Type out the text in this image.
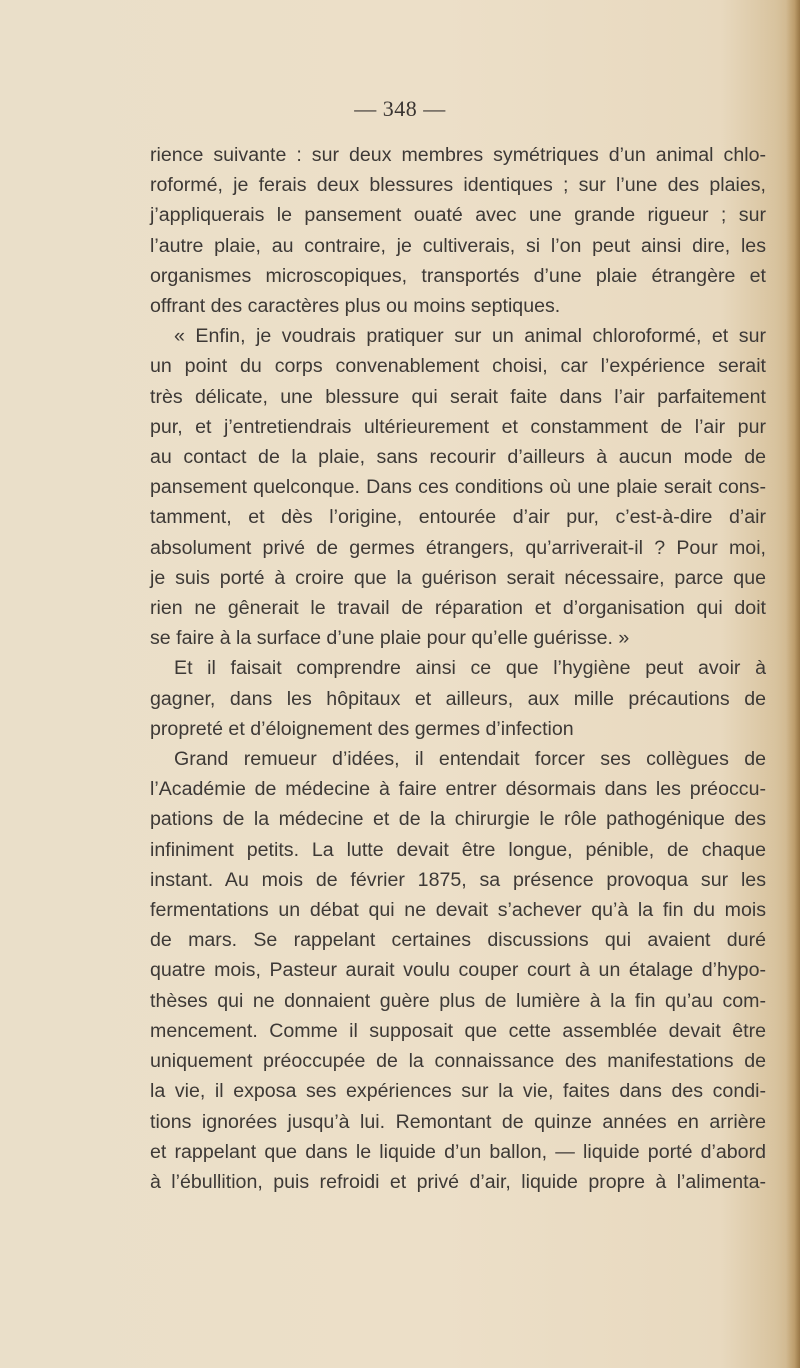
— 348 —
rience suivante : sur deux membres symétriques d’un animal chlo-
roformé, je ferais deux blessures identiques ; sur l’une des plaies,
j’appliquerais le pansement ouaté avec une grande rigueur ; sur
l’autre plaie, au contraire, je cultiverais, si l’on peut ainsi dire, les
organismes microscopiques, transportés d’une plaie étrangère et
offrant des caractères plus ou moins septiques.
« Enfin, je voudrais pratiquer sur un animal chloroformé, et sur
un point du corps convenablement choisi, car l’expérience serait
très délicate, une blessure qui serait faite dans l’air parfaitement
pur, et j’entretiendrais ultérieurement et constamment de l’air pur
au contact de la plaie, sans recourir d’ailleurs à aucun mode de
pansement quelconque. Dans ces conditions où une plaie serait cons-
tamment, et dès l’origine, entourée d’air pur, c’est-à-dire d’air
absolument privé de germes étrangers, qu’arriverait-il ? Pour moi,
je suis porté à croire que la guérison serait nécessaire, parce que
rien ne gênerait le travail de réparation et d’organisation qui doit
se faire à la surface d’une plaie pour qu’elle guérisse. »
Et il faisait comprendre ainsi ce que l’hygiène peut avoir à
gagner, dans les hôpitaux et ailleurs, aux mille précautions de
propreté et d’éloignement des germes d’infection
Grand remueur d’idées, il entendait forcer ses collègues de
l’Académie de médecine à faire entrer désormais dans les préoccu-
pations de la médecine et de la chirurgie le rôle pathogénique des
infiniment petits. La lutte devait être longue, pénible, de chaque
instant. Au mois de février 1875, sa présence provoqua sur les
fermentations un débat qui ne devait s’achever qu’à la fin du mois
de mars. Se rappelant certaines discussions qui avaient duré
quatre mois, Pasteur aurait voulu couper court à un étalage d’hypo-
thèses qui ne donnaient guère plus de lumière à la fin qu’au com-
mencement. Comme il supposait que cette assemblée devait être
uniquement préoccupée de la connaissance des manifestations de
la vie, il exposa ses expériences sur la vie, faites dans des condi-
tions ignorées jusqu’à lui. Remontant de quinze années en arrière
et rappelant que dans le liquide d’un ballon, — liquide porté d’abord
à l’ébullition, puis refroidi et privé d’air, liquide propre à l’alimenta-
